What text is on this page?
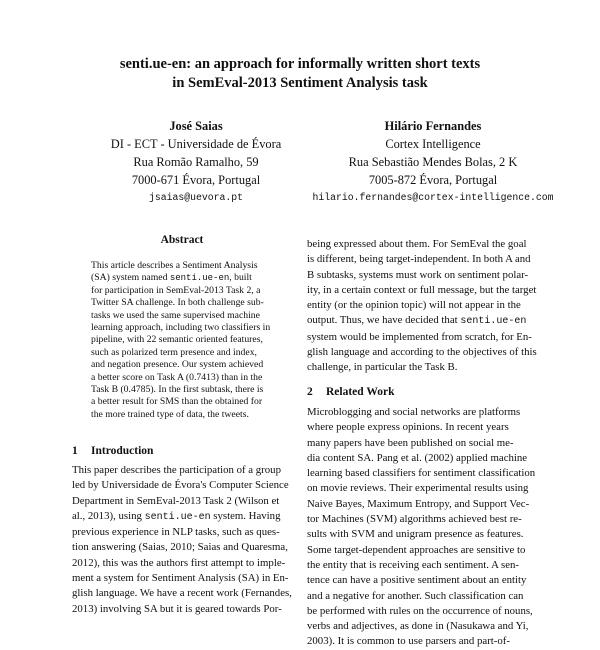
senti.ue-en: an approach for informally written short texts
in SemEval-2013 Sentiment Analysis task
José Saias
DI - ECT - Universidade de Évora
Rua Romão Ramalho, 59
7000-671 Évora, Portugal
jsaias@uevora.pt
Hilário Fernandes
Cortex Intelligence
Rua Sebastião Mendes Bolas, 2 K
7005-872 Évora, Portugal
hilario.fernandes@cortex-intelligence.com
Abstract
This article describes a Sentiment Analysis
(SA) system named senti.ue-en, built
for participation in SemEval-2013 Task 2, a
Twitter SA challenge. In both challenge sub-
tasks we used the same supervised machine
learning approach, including two classifiers in
pipeline, with 22 semantic oriented features,
such as polarized term presence and index,
and negation presence. Our system achieved
a better score on Task A (0.7413) than in the
Task B (0.4785). In the first subtask, there is
a better result for SMS than the obtained for
the more trained type of data, the tweets.
1 Introduction
This paper describes the participation of a group
led by Universidade de Évora's Computer Science
Department in SemEval-2013 Task 2 (Wilson et
al., 2013), using senti.ue-en system. Having
previous experience in NLP tasks, such as ques-
tion answering (Saias, 2010; Saias and Quaresma,
2012), this was the authors first attempt to imple-
ment a system for Sentiment Analysis (SA) in En-
glish language. We have a recent work (Fernandes,
2013) involving SA but it is geared towards Por-
being expressed about them. For SemEval the goal
is different, being target-independent. In both A and
B subtasks, systems must work on sentiment polar-
ity, in a certain context or full message, but the target
entity (or the opinion topic) will not appear in the
output. Thus, we have decided that senti.ue-en
system would be implemented from scratch, for En-
glish language and according to the objectives of this
challenge, in particular the Task B.
2 Related Work
Microblogging and social networks are platforms
where people express opinions. In recent years
many papers have been published on social me-
dia content SA. Pang et al. (2002) applied machine
learning based classifiers for sentiment classification
on movie reviews. Their experimental results using
Naive Bayes, Maximum Entropy, and Support Vec-
tor Machines (SVM) algorithms achieved best re-
sults with SVM and unigram presence as features.
Some target-dependent approaches are sensitive to
the entity that is receiving each sentiment. A sen-
tence can have a positive sentiment about an entity
and a negative for another. Such classification can
be performed with rules on the occurrence of nouns,
verbs and adjectives, as done in (Nasukawa and Yi,
2003). It is common to use parsers and part-of-
